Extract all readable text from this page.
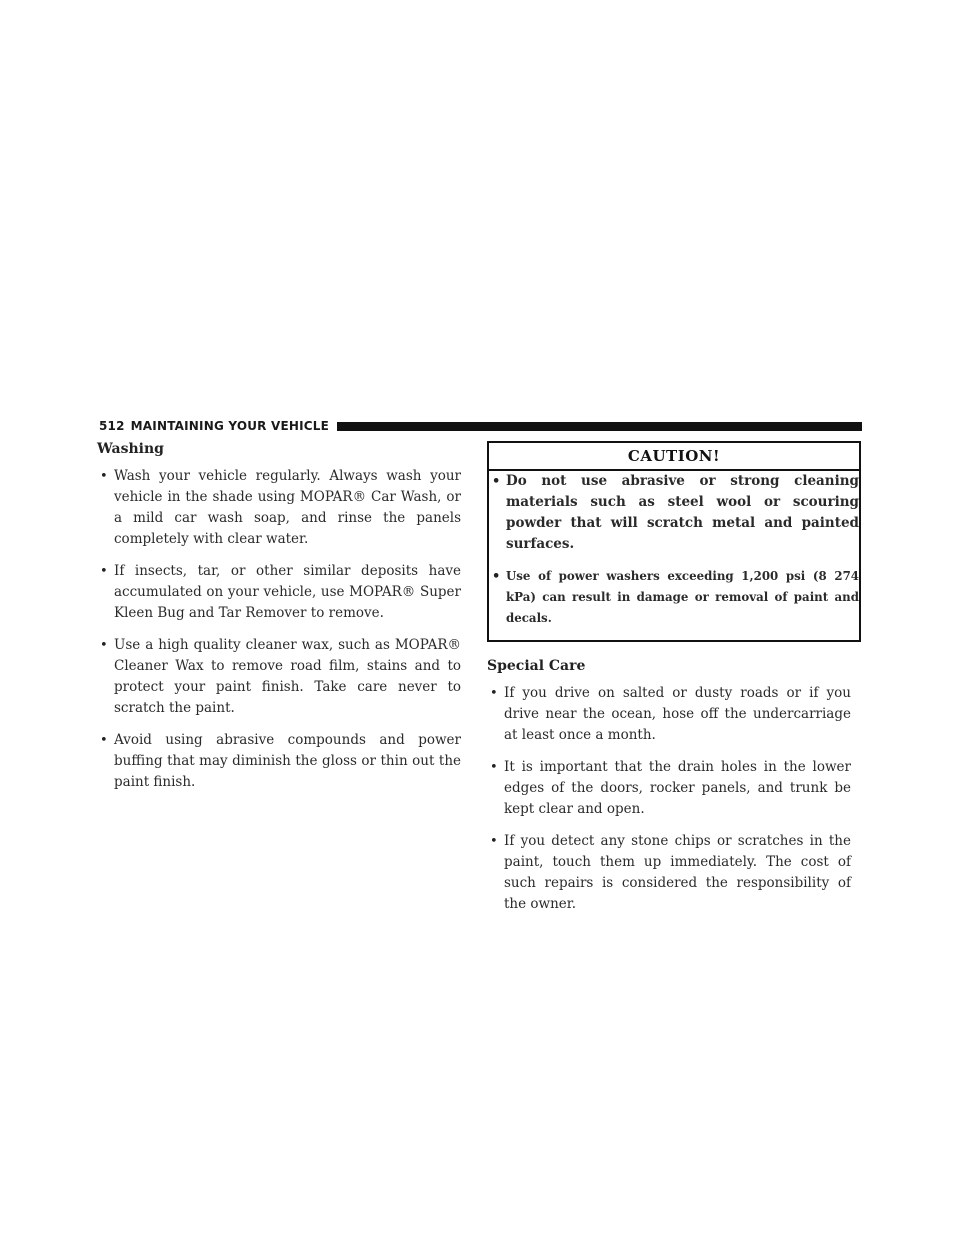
512 MAINTAINING YOUR VEHICLE
Washing
• Wash your vehicle regularly. Always wash your vehicle in the shade using MOPAR® Car Wash, or a mild car wash soap, and rinse the panels completely with clear water.
• If insects, tar, or other similar deposits have accumulated on your vehicle, use MOPAR® Super Kleen Bug and Tar Remover to remove.
• Use a high quality cleaner wax, such as MOPAR® Cleaner Wax to remove road film, stains and to protect your paint finish. Take care never to scratch the paint.
• Avoid using abrasive compounds and power buffing that may diminish the gloss or thin out the paint finish.
CAUTION!
• Do not use abrasive or strong cleaning materials such as steel wool or scouring powder that will scratch metal and painted surfaces.
• Use of power washers exceeding 1,200 psi (8 274 kPa) can result in damage or removal of paint and decals.
Special Care
• If you drive on salted or dusty roads or if you drive near the ocean, hose off the undercarriage at least once a month.
• It is important that the drain holes in the lower edges of the doors, rocker panels, and trunk be kept clear and open.
• If you detect any stone chips or scratches in the paint, touch them up immediately. The cost of such repairs is considered the responsibility of the owner.
